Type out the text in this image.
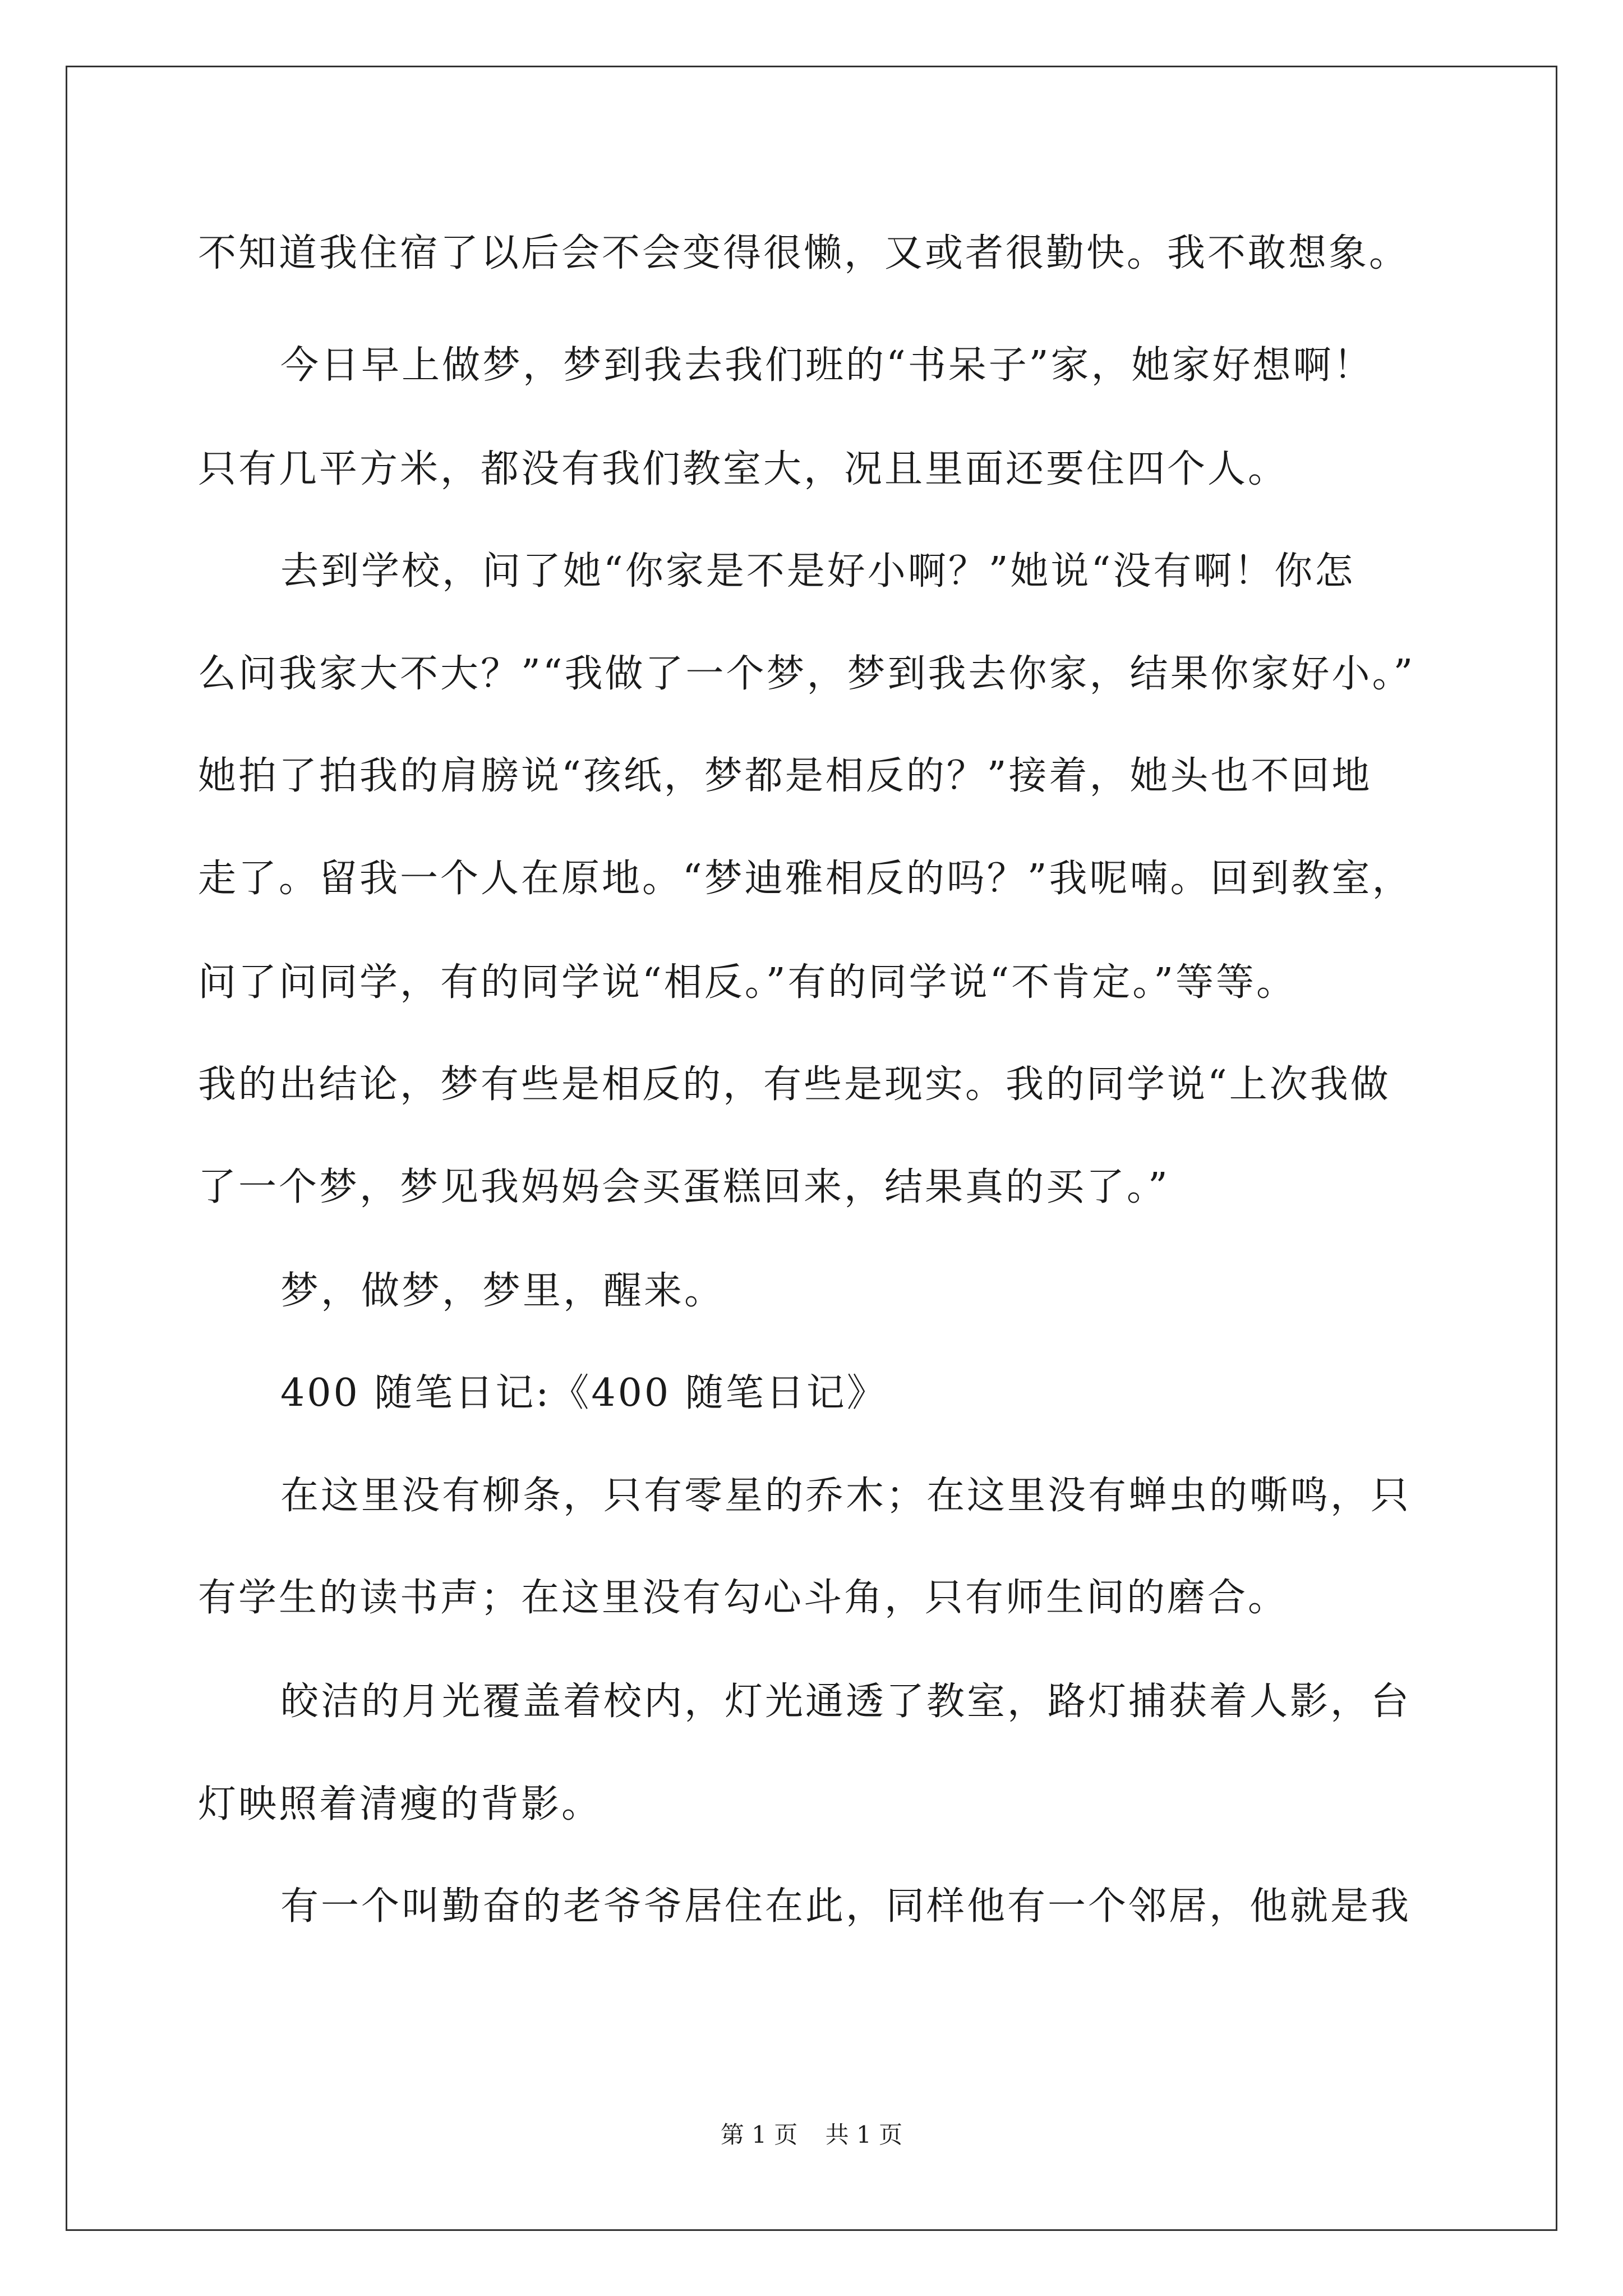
不知道我住宿了以后会不会变得很懒，又或者很勤快。我不敢想象。
今日早上做梦，梦到我去我们班的“书呆子”家，她家好想啊！
只有几平方米，都没有我们教室大，况且里面还要住四个人。
去到学校，问了她“你家是不是好小啊？”她说“没有啊！你怎
么问我家大不大？”“我做了一个梦，梦到我去你家，结果你家好小。”
她拍了拍我的肩膀说“孩纸，梦都是相反的？”接着，她头也不回地
走了。留我一个人在原地。“梦迪雅相反的吗？”我呢喃。回到教室，
问了问同学，有的同学说“相反。”有的同学说“不肯定。”等等。
我的出结论，梦有些是相反的，有些是现实。我的同学说“上次我做
了一个梦，梦见我妈妈会买蛋糕回来，结果真的买了。”
梦，做梦，梦里，醒来。
400 随笔日记:《400 随笔日记》
在这里没有柳条，只有零星的乔木；在这里没有蝉虫的嘶鸣，只
有学生的读书声；在这里没有勾心斗角，只有师生间的磨合。
皎洁的月光覆盖着校内，灯光通透了教室，路灯捕获着人影，台
灯映照着清瘦的背影。
有一个叫勤奋的老爷爷居住在此，同样他有一个邻居，他就是我
第 1 页 共 1 页
